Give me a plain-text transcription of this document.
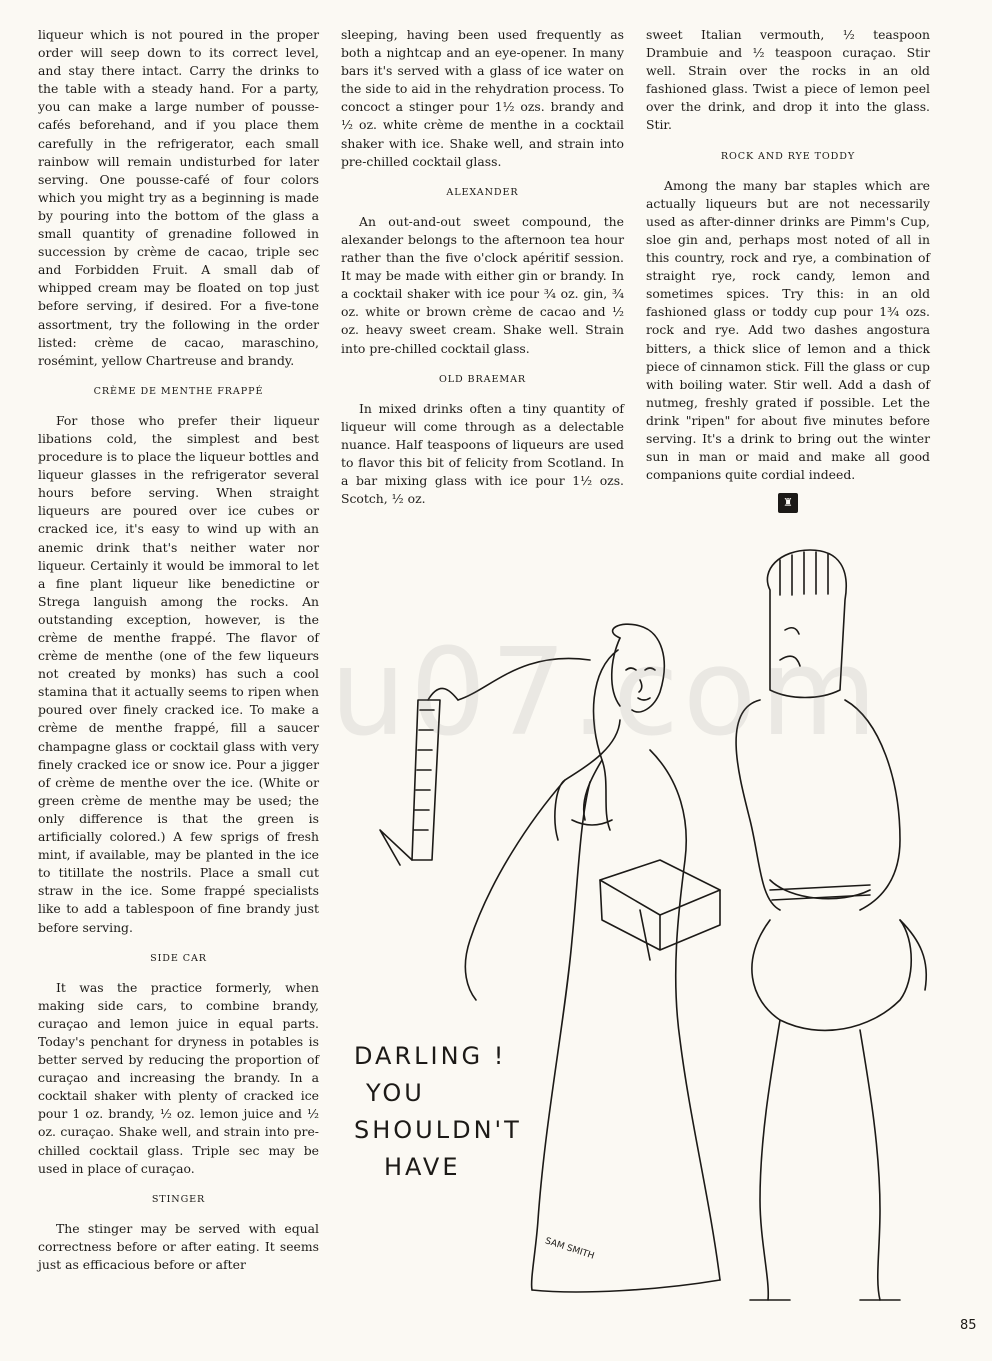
liqueur which is not poured in the proper order will seep down to its correct level, and stay there intact. Carry the drinks to the table with a steady hand. For a party, you can make a large number of pousse-cafés beforehand, and if you place them carefully in the refrigerator, each small rainbow will remain undisturbed for later serving. One pousse-café of four colors which you might try as a beginning is made by pouring into the bottom of the glass a small quantity of grenadine followed in succession by crème de cacao, triple sec and Forbidden Fruit. A small dab of whipped cream may be floated on top just before serving, if desired. For a five-tone assortment, try the following in the order listed: crème de cacao, maraschino, rosémint, yellow Chartreuse and brandy.

CRÈME DE MENTHE FRAPPÉ

For those who prefer their liqueur libations cold, the simplest and best procedure is to place the liqueur bottles and liqueur glasses in the refrigerator several hours before serving. When straight liqueurs are poured over ice cubes or cracked ice, it's easy to wind up with an anemic drink that's neither water nor liqueur. Certainly it would be immoral to let a fine plant liqueur like benedictine or Strega languish among the rocks. An outstanding exception, however, is the crème de menthe frappé. The flavor of crème de menthe (one of the few liqueurs not created by monks) has such a cool stamina that it actually seems to ripen when poured over finely cracked ice. To make a crème de menthe frappé, fill a saucer champagne glass or cocktail glass with very finely cracked ice or snow ice. Pour a jigger of crème de menthe over the ice. (White or green crème de menthe may be used; the only difference is that the green is artificially colored.) A few sprigs of fresh mint, if available, may be planted in the ice to titillate the nostrils. Place a small cut straw in the ice. Some frappé specialists like to add a tablespoon of fine brandy just before serving.

SIDE CAR

It was the practice formerly, when making side cars, to combine brandy, curaçao and lemon juice in equal parts. Today's penchant for dryness in potables is better served by reducing the proportion of curaçao and increasing the brandy. In a cocktail shaker with plenty of cracked ice pour 1 oz. brandy, ½ oz. lemon juice and ½ oz. curaçao. Shake well, and strain into pre-chilled cocktail glass. Triple sec may be used in place of curaçao.

STINGER

The stinger may be served with equal correctness before or after eating. It seems just as efficacious before or after

sleeping, having been used frequently as both a nightcap and an eye-opener. In many bars it's served with a glass of ice water on the side to aid in the rehydration process. To concoct a stinger pour 1½ ozs. brandy and ½ oz. white crème de menthe in a cocktail shaker with ice. Shake well, and strain into pre-chilled cocktail glass.

ALEXANDER

An out-and-out sweet compound, the alexander belongs to the afternoon tea hour rather than the five o'clock apéritif session. It may be made with either gin or brandy. In a cocktail shaker with ice pour ¾ oz. gin, ¾ oz. white or brown crème de cacao and ½ oz. heavy sweet cream. Shake well. Strain into pre-chilled cocktail glass.

OLD BRAEMAR

In mixed drinks often a tiny quantity of liqueur will come through as a delectable nuance. Half teaspoons of liqueurs are used to flavor this bit of felicity from Scotland. In a bar mixing glass with ice pour 1½ ozs. Scotch, ½ oz.

sweet Italian vermouth, ½ teaspoon Drambuie and ½ teaspoon curaçao. Stir well. Strain over the rocks in an old fashioned glass. Twist a piece of lemon peel over the drink, and drop it into the glass. Stir.

ROCK AND RYE TODDY

Among the many bar staples which are actually liqueurs but are not necessarily used as after-dinner drinks are Pimm's Cup, sloe gin and, perhaps most noted of all in this country, rock and rye, a combination of straight rye, rock candy, lemon and sometimes spices. Try this: in an old fashioned glass or toddy cup pour 1¾ ozs. rock and rye. Add two dashes angostura bitters, a thick slice of lemon and a thick piece of cinnamon stick. Fill the glass or cup with boiling water. Stir well. Add a dash of nutmeg, freshly grated if possible. Let the drink "ripen" for about five minutes before serving. It's a drink to bring out the winter sun in man or maid and make all good companions quite cordial indeed.

♜
u07.com
DARLING !
YOU
SHOULDN'T
HAVE
SAM SMITH
85
